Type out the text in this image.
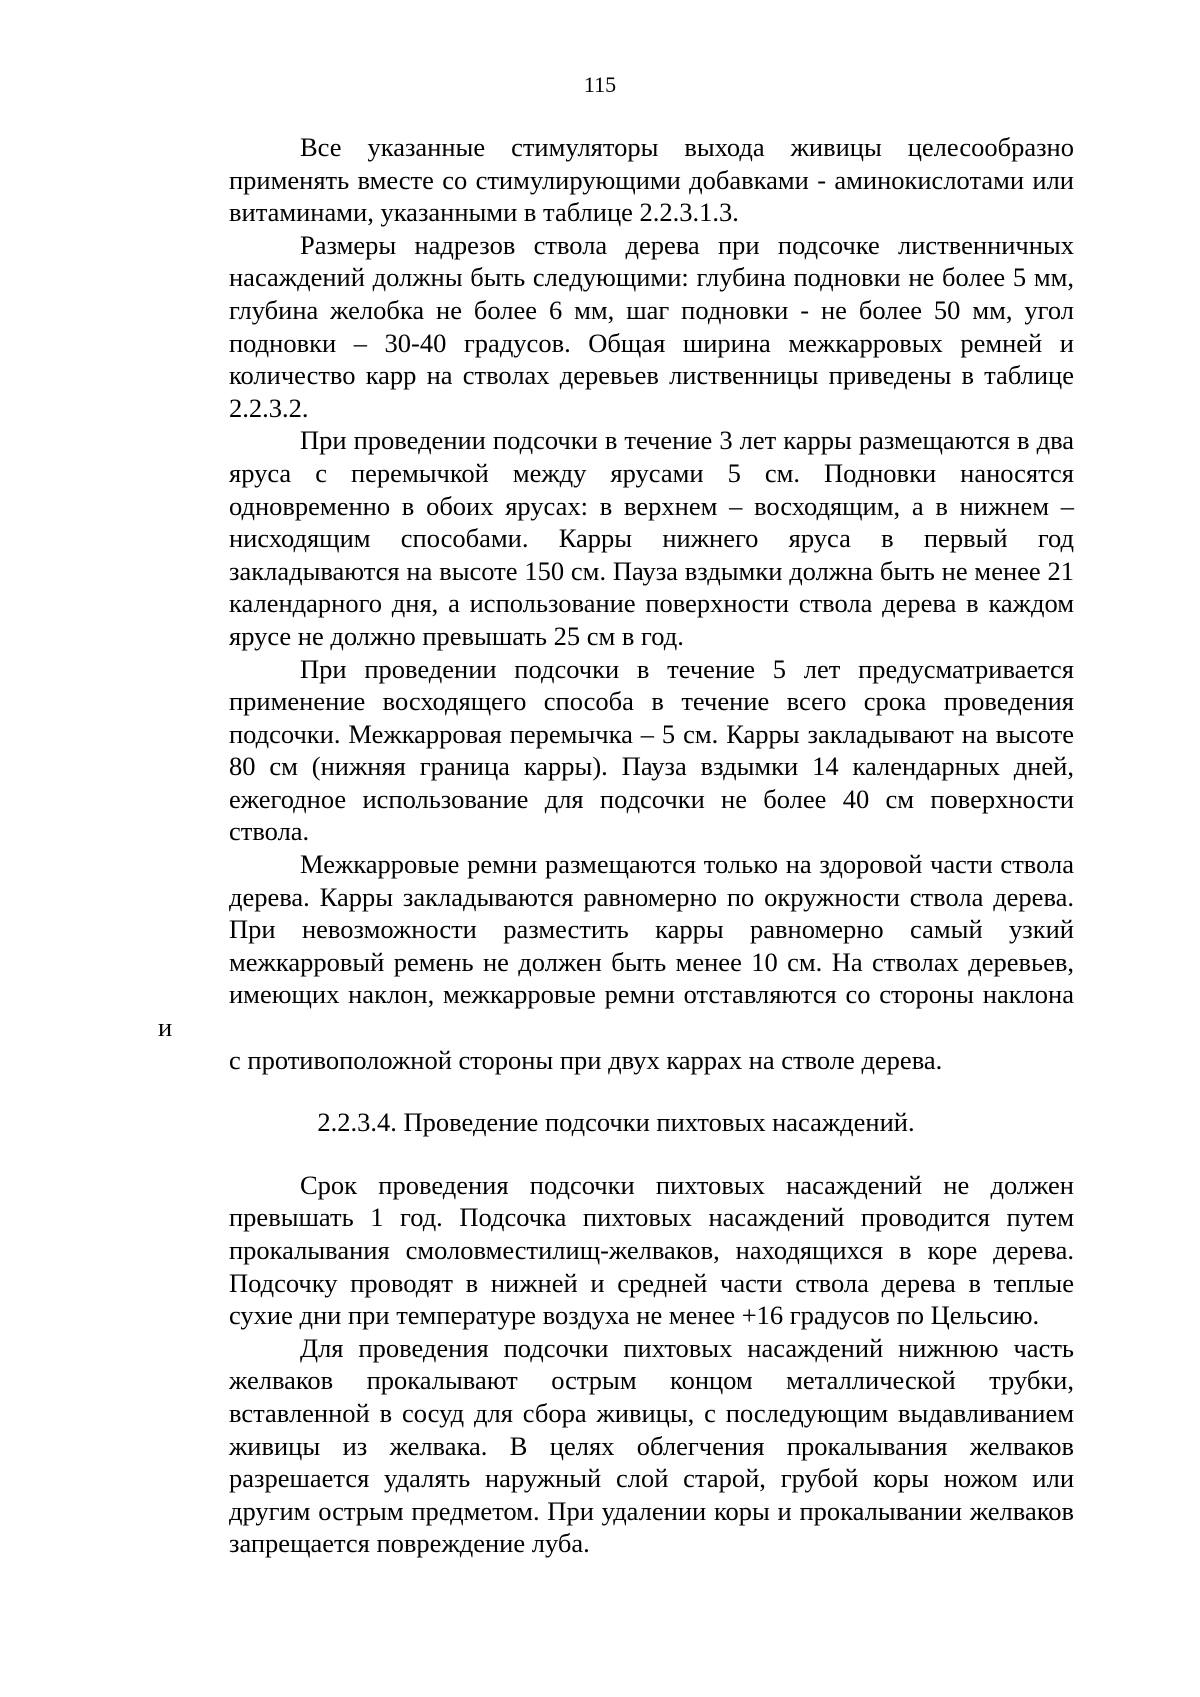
115
Все указанные стимуляторы выхода живицы целесообразно
применять вместе со стимулирующими добавками - аминокислотами или
витаминами, указанными в таблице 2.2.3.1.3.
Размеры надрезов ствола дерева при подсочке лиственничных
насаждений должны быть следующими: глубина подновки не более 5 мм,
глубина желобка не более 6 мм, шаг подновки - не более 50 мм, угол
подновки – 30-40 градусов. Общая ширина межкарровых ремней и
количество карр на стволах деревьев лиственницы приведены в таблице
2.2.3.2.
При проведении подсочки в течение 3 лет карры размещаются в два
яруса с перемычкой между ярусами 5 см. Подновки наносятся
одновременно в обоих ярусах: в верхнем – восходящим, а в нижнем –
нисходящим способами. Карры нижнего яруса в первый год
закладываются на высоте 150 см. Пауза вздымки должна быть не менее 21
календарного дня, а использование поверхности ствола дерева в каждом
ярусе не должно превышать 25 см в год.
При проведении подсочки в течение 5 лет предусматривается
применение восходящего способа в течение всего срока проведения
подсочки. Межкарровая перемычка – 5 см. Карры закладывают на высоте
80 см (нижняя граница карры). Пауза вздымки 14 календарных дней,
ежегодное использование для подсочки не более 40 см поверхности
ствола.
Межкарровые ремни размещаются только на здоровой части ствола
дерева. Карры закладываются равномерно по окружности ствола дерева.
При невозможности разместить карры равномерно самый узкий
межкарровый ремень не должен быть менее 10 см. На стволах деревьев,
имеющих наклон, межкарровые ремни отставляются со стороны наклона и
с противоположной стороны при двух каррах на стволе дерева.
2.2.3.4. Проведение подсочки пихтовых насаждений.
Срок проведения подсочки пихтовых насаждений не должен
превышать 1 год. Подсочка пихтовых насаждений проводится путем
прокалывания смоловместилищ-желваков, находящихся в коре дерева.
Подсочку проводят в нижней и средней части ствола дерева в теплые
сухие дни при температуре воздуха не менее +16 градусов по Цельсию.
Для проведения подсочки пихтовых насаждений нижнюю часть
желваков прокалывают острым концом металлической трубки,
вставленной в сосуд для сбора живицы, с последующим выдавливанием
живицы из желвака. В целях облегчения прокалывания желваков
разрешается удалять наружный слой старой, грубой коры ножом или
другим острым предметом. При удалении коры и прокалывании желваков
запрещается повреждение луба.
